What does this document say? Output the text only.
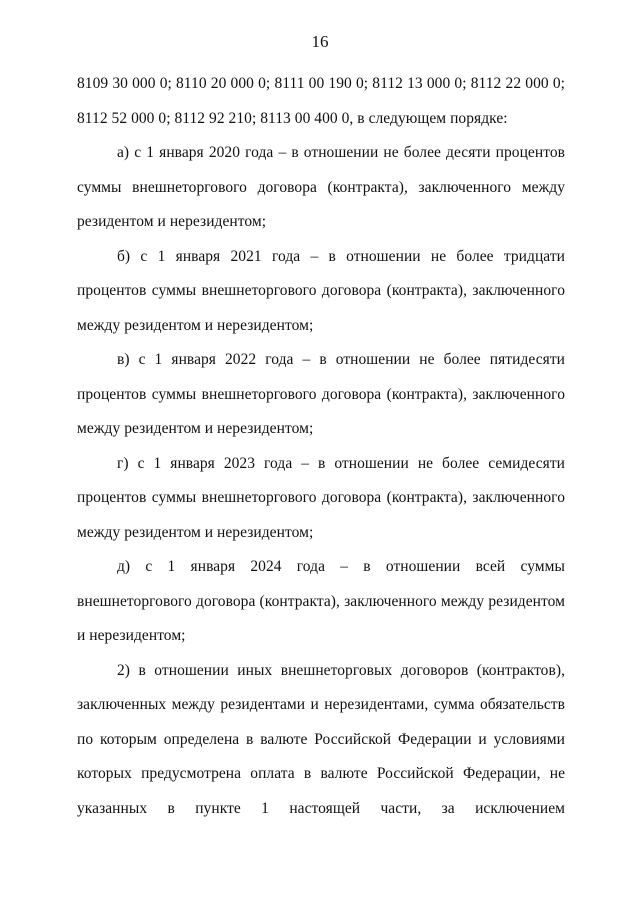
16

8109 30 000 0; 8110 20 000 0; 8111 00 190 0; 8112 13 000 0; 8112 22 000 0; 8112 52 000 0; 8112 92 210; 8113 00 400 0, в следующем порядке:

а) с 1 января 2020 года – в отношении не более десяти процентов суммы внешнеторгового договора (контракта), заключенного между резидентом и нерезидентом;

б) с 1 января 2021 года – в отношении не более тридцати процентов суммы внешнеторгового договора (контракта), заключенного между резидентом и нерезидентом;

в) с 1 января 2022 года – в отношении не более пятидесяти процентов суммы внешнеторгового договора (контракта), заключенного между резидентом и нерезидентом;

г) с 1 января 2023 года – в отношении не более семидесяти процентов суммы внешнеторгового договора (контракта), заключенного между резидентом и нерезидентом;

д) с 1 января 2024 года – в отношении всей суммы внешнеторгового договора (контракта), заключенного между резидентом и нерезидентом;

2) в отношении иных внешнеторговых договоров (контрактов), заключенных между резидентами и нерезидентами, сумма обязательств по которым определена в валюте Российской Федерации и условиями которых предусмотрена оплата в валюте Российской Федерации, не указанных в пункте 1 настоящей части, за исключением
